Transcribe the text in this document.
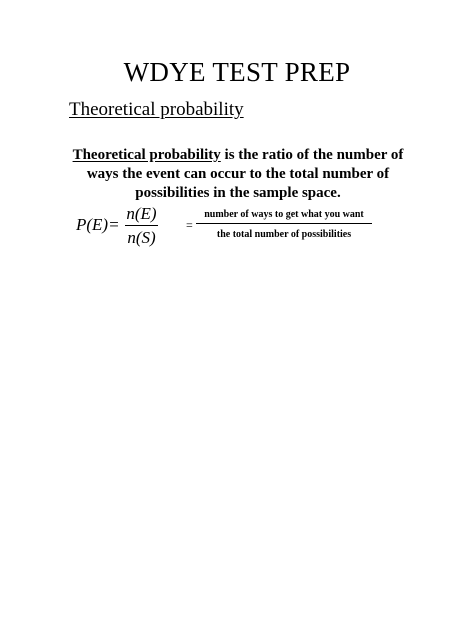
WDYE TEST PREP
Theoretical probability
Theoretical probability is the ratio of the number of ways the event can occur to the total number of possibilities in the sample space.
P(E)=
n(E)
n(S)
=
number of ways to get what you want
the total number of possibilities
